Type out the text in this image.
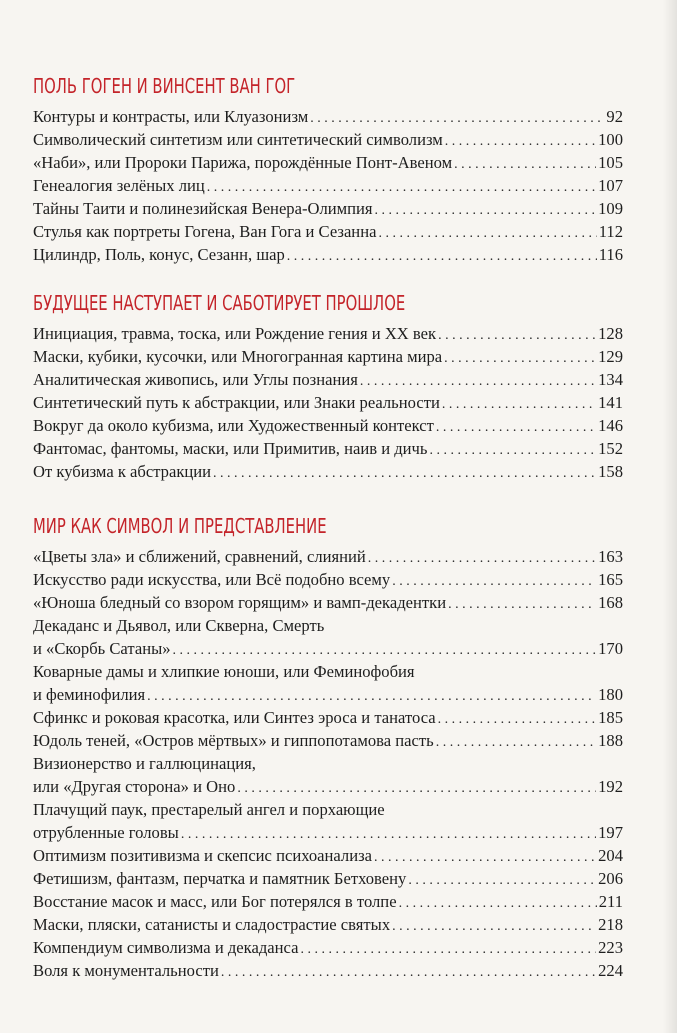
ПОЛЬ ГОГЕН И ВИНСЕНТ ВАН ГОГ
Контуры и контрасты, или Клуазонизм . . .	92
Символический синтетизм или синтетический символизм . . .	100
«Наби», или Пророки Парижа, порождённые Понт-Авеном . . .	105
Генеалогия зелёных лиц . . .	107
Тайны Таити и полинезийская Венера-Олимпия . . .	109
Стулья как портреты Гогена, Ван Гога и Сезанна . . .	112
Цилиндр, Поль, конус, Сезанн, шар . . .	116
БУДУЩЕЕ НАСТУПАЕТ И САБОТИРУЕТ ПРОШЛОЕ
Инициация, травма, тоска, или Рождение гения и XX век . . .	128
Маски, кубики, кусочки, или Многогранная картина мира . . .	129
Аналитическая живопись, или Углы познания . . .	134
Синтетический путь к абстракции, или Знаки реальности . . .	141
Вокруг да около кубизма, или Художественный контекст . . .	146
Фантомас, фантомы, маски, или Примитив, наив и дичь . . .	152
От кубизма к абстракции . . .	158
МИР КАК СИМВОЛ И ПРЕДСТАВЛЕНИЕ
«Цветы зла» и сближений, сравнений, слияний . . .	163
Искусство ради искусства, или Всё подобно всему . . .	165
«Юноша бледный со взором горящим» и вамп-декадентки . . .	168
Декаданс и Дьявол, или Скверна, Смерть
и «Скорбь Сатаны» . . .	170
Коварные дамы и хлипкие юноши, или Феминофобия
и феминофилия . . .	180
Сфинкс и роковая красотка, или Синтез эроса и танатоса . . .	185
Юдоль теней, «Остров мёртвых» и гиппопотамова пасть . . .	188
Визионерство и галлюцинация,
или «Другая сторона» и Оно . . .	192
Плачущий паук, престарелый ангел и порхающие
отрубленные головы . . .	197
Оптимизм позитивизма и скепсис психоанализа . . .	204
Фетишизм, фантазм, перчатка и памятник Бетховену . . .	206
Восстание масок и масс, или Бог потерялся в толпе . . .	211
Маски, пляски, сатанисты и сладострастие святых . . .	218
Компендиум символизма и декаданса . . .	223
Воля к монументальности . . .	224
